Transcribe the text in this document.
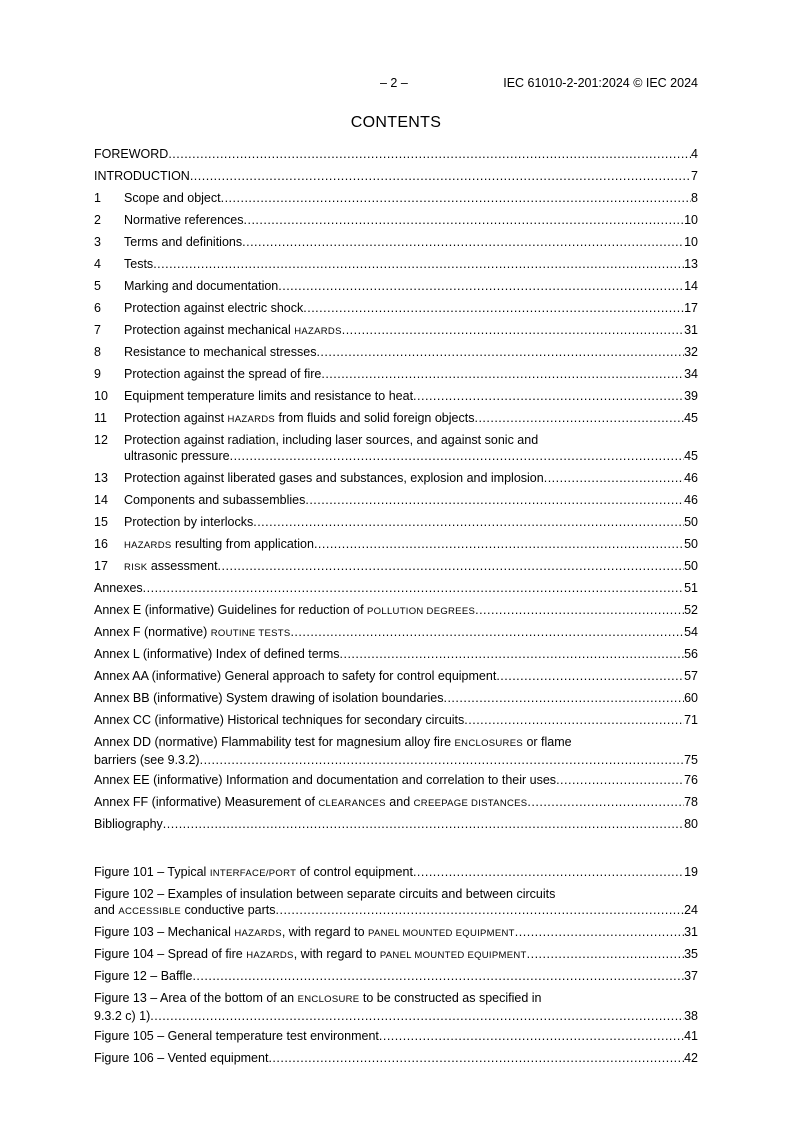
– 2 –	IEC 61010-2-201:2024 © IEC 2024
CONTENTS
FOREWORD .....	4
INTRODUCTION .....	7
1	Scope and object .....	8
2	Normative references .....	10
3	Terms and definitions .....	10
4	Tests .....	13
5	Marking and documentation .....	14
6	Protection against electric shock .....	17
7	Protection against mechanical HAZARDS .....	31
8	Resistance to mechanical stresses .....	32
9	Protection against the spread of fire .....	34
10	Equipment temperature limits and resistance to heat .....	39
11	Protection against HAZARDS from fluids and solid foreign objects .....	45
12 Protection against radiation, including laser sources, and against sonic and
ultrasonic pressure .....	45
13	Protection against liberated gases and substances, explosion and implosion .....	46
14	Components and subassemblies .....	46
15	Protection by interlocks .....	50
16	HAZARDS resulting from application .....	50
17	RISK assessment .....	50
Annexes .....	51
Annex E (informative) Guidelines for reduction of POLLUTION DEGREES .....	52
Annex F (normative) ROUTINE TESTS .....	54
Annex L (informative) Index of defined terms .....	56
Annex AA (informative) General approach to safety for control equipment .....	57
Annex BB (informative) System drawing of isolation boundaries .....	60
Annex CC (informative) Historical techniques for secondary circuits .....	71
Annex DD (normative) Flammability test for magnesium alloy fire ENCLOSURES or flame
barriers (see 9.3.2) .....	75
Annex EE (informative) Information and documentation and correlation to their uses .....	76
Annex FF (informative) Measurement of CLEARANCES and CREEPAGE DISTANCES .....	78
Bibliography .....	80
Figure 101 – Typical INTERFACE/PORT of control equipment .....	19
Figure 102 – Examples of insulation between separate circuits and between circuits
and ACCESSIBLE conductive parts .....	24
Figure 103 – Mechanical HAZARDS, with regard to PANEL MOUNTED EQUIPMENT .....	31
Figure 104 – Spread of fire HAZARDS, with regard to PANEL MOUNTED EQUIPMENT .....	35
Figure 12 – Baffle .....	37
Figure 13 – Area of the bottom of an ENCLOSURE to be constructed as specified in
9.3.2 c) 1) .....	38
Figure 105 – General temperature test environment .....	41
Figure 106 – Vented equipment .....	42
